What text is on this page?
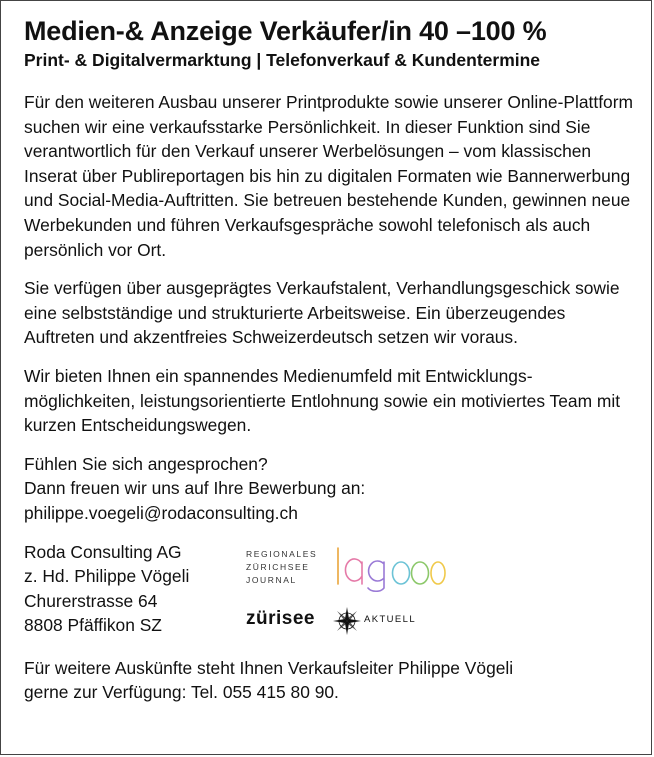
Medien-& Anzeige Verkäufer/in 40 –100 %
Print- & Digitalvermarktung | Telefonverkauf & Kundentermine

Für den weiteren Ausbau unserer Printprodukte sowie unserer Online-Plattform suchen wir eine verkaufsstarke Persönlichkeit. In dieser Funktion sind Sie verantwortlich für den Verkauf unserer Werbelösungen – vom klassischen Inserat über Publireportagen bis hin zu digitalen Formaten wie Bannerwerbung und Social-Media-Auftritten. Sie betreuen bestehende Kunden, gewinnen neue Werbekunden und führen Verkaufsgespräche sowohl telefonisch als auch persönlich vor Ort.

Sie verfügen über ausgeprägtes Verkaufstalent, Verhandlungsgeschick sowie eine selbstständige und strukturierte Arbeitsweise. Ein überzeugendes Auftreten und akzentfreies Schweizerdeutsch setzen wir voraus.

Wir bieten Ihnen ein spannendes Medienumfeld mit Entwicklungsmöglichkeiten, leistungsorientierte Entlohnung sowie ein motiviertes Team mit kurzen Entscheidungswegen.

Fühlen Sie sich angesprochen?

Dann freuen wir uns auf Ihre Bewerbung an:

philippe.voegeli@rodaconsulting.ch

Roda Consulting AG
z. Hd. Philippe Vögeli
Churerstrasse 64
8808 Pfäffikon SZ
REGIONALES
ZÜRICHSEE
JOURNAL
zürisee	AKTUELL

Für weitere Auskünfte steht Ihnen Verkaufsleiter Philippe Vögeli

gerne zur Verfügung: Tel. 055 415 80 90.
